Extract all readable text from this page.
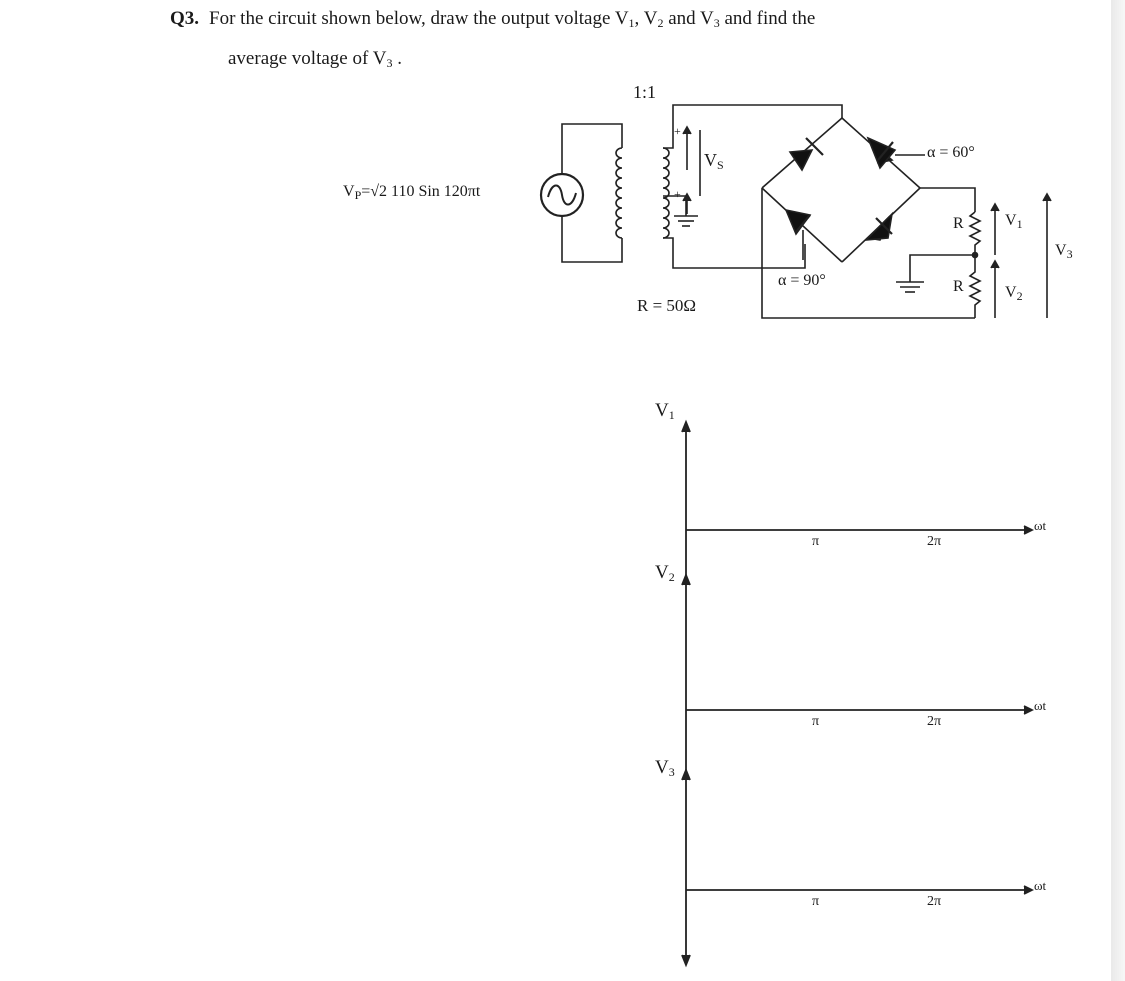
Q3. For the circuit shown below, draw the output voltage $V_1$, $V_2$ and $V_3$ and find the
average voltage of $V_3$ .
1:1
$V_P=√2$ 110 Sin 120πt
$V_S$
+
+
α = 60°
α = 90°
R = 50Ω
R
R
$V_1$
$V_2$
$V_3$
$V_1$
π	2π
ωt
$V_2$
π	2π
ωt
$V_3$
π	2π
ωt
